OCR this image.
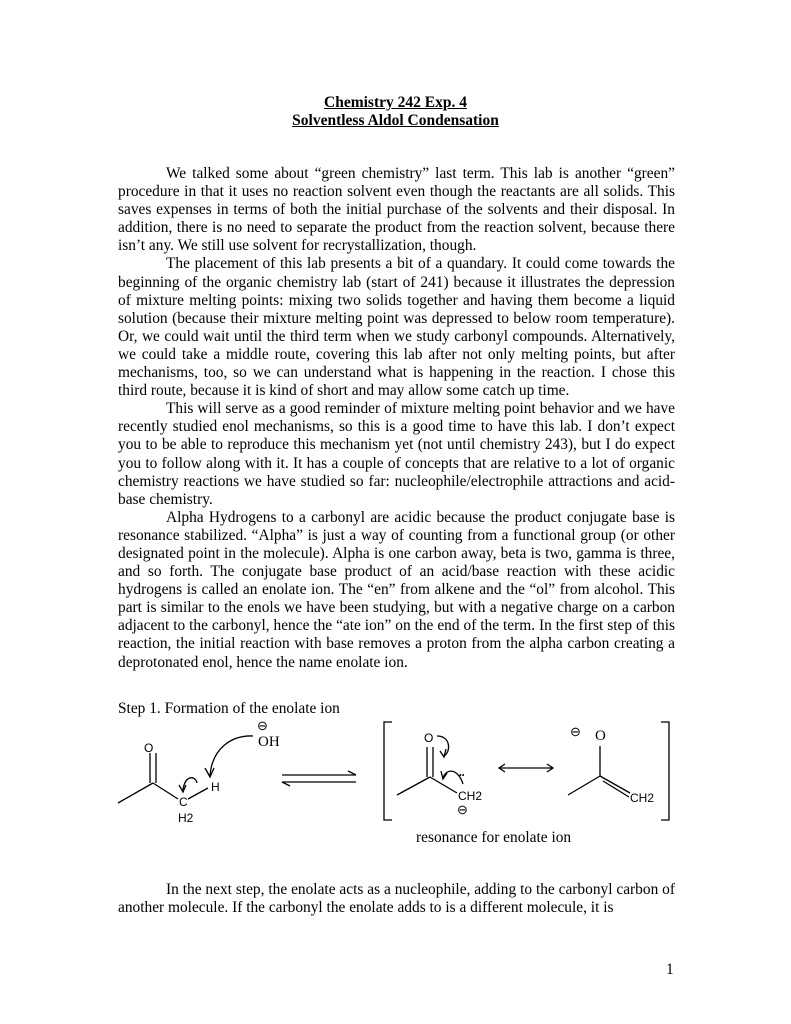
Chemistry 242 Exp. 4
Solventless Aldol Condensation

We talked some about “green chemistry” last term. This lab is another “green” procedure in that it uses no reaction solvent even though the reactants are all solids. This saves expenses in terms of both the initial purchase of the solvents and their disposal. In addition, there is no need to separate the product from the reaction solvent, because there isn’t any. We still use solvent for recrystallization, though.

The placement of this lab presents a bit of a quandary. It could come towards the beginning of the organic chemistry lab (start of 241) because it illustrates the depression of mixture melting points: mixing two solids together and having them become a liquid solution (because their mixture melting point was depressed to below room temperature). Or, we could wait until the third term when we study carbonyl compounds. Alternatively, we could take a middle route, covering this lab after not only melting points, but after mechanisms, too, so we can understand what is happening in the reaction. I chose this third route, because it is kind of short and may allow some catch up time.

This will serve as a good reminder of mixture melting point behavior and we have recently studied enol mechanisms, so this is a good time to have this lab. I don’t expect you to be able to reproduce this mechanism yet (not until chemistry 243), but I do expect you to follow along with it. It has a couple of concepts that are relative to a lot of organic chemistry reactions we have studied so far: nucleophile/electrophile attractions and acid-base chemistry.

Alpha Hydrogens to a carbonyl are acidic because the product conjugate base is resonance stabilized. “Alpha” is just a way of counting from a functional group (or other designated point in the molecule). Alpha is one carbon away, beta is two, gamma is three, and so forth. The conjugate base product of an acid/base reaction with these acidic hydrogens is called an enolate ion. The “en” from alkene and the “ol” from alcohol. This part is similar to the enols we have been studying, but with a negative charge on a carbon adjacent to the carbonyl, hence the “ate ion” on the end of the term. In the first step of this reaction, the initial reaction with base removes a proton from the alpha carbon creating a deprotonated enol, hence the name enolate ion.

Step 1. Formation of the enolate ion
O
⊖
OH
H
C
H2
O
••
CH2
⊖
⊖ O
CH2
resonance for enolate ion

In the next step, the enolate acts as a nucleophile, adding to the carbonyl carbon of another molecule. If the carbonyl the enolate adds to is a different molecule, it is

1
